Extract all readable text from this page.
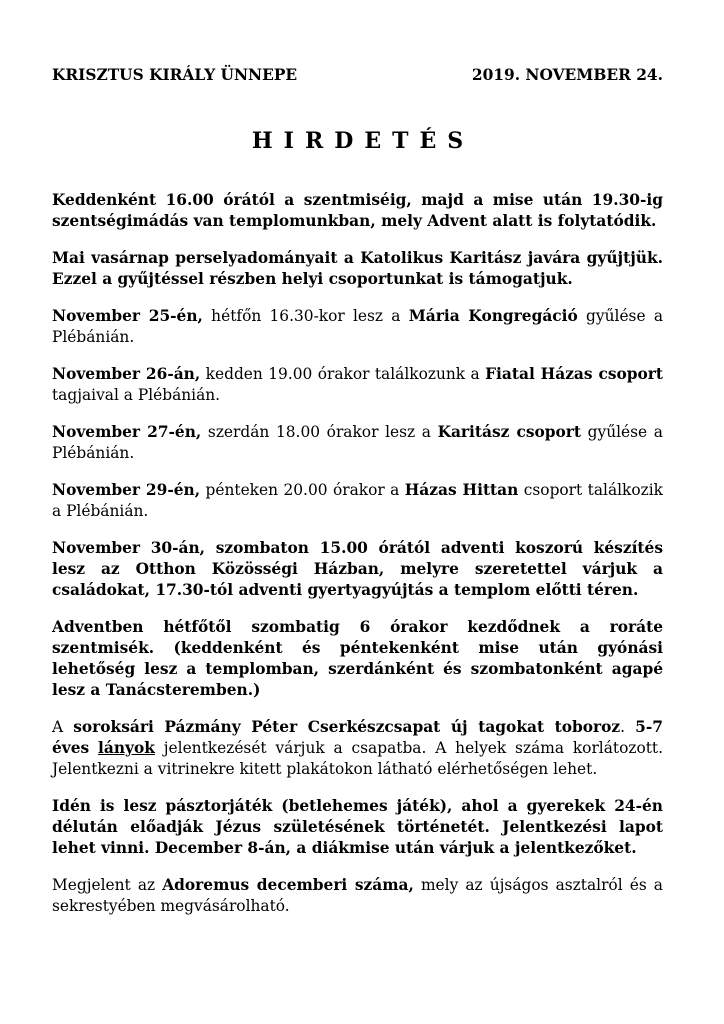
KRISZTUS KIRÁLY ÜNNEPE	2019. NOVEMBER 24.
HIRDETÉS

Keddenként 16.00 órától a szentmiséig, majd a mise után 19.30-ig szentségimádás van templomunkban, mely Advent alatt is folytatódik.

Mai vasárnap perselyadományait a Katolikus Karitász javára gyűjtjük. Ezzel a gyűjtéssel részben helyi csoportunkat is támogatjuk.

November 25-én, hétfőn 16.30-kor lesz a Mária Kongregáció gyűlése a Plébánián.

November 26-án, kedden 19.00 órakor találkozunk a Fiatal Házas csoport tagjaival a Plébánián.

November 27-én, szerdán 18.00 órakor lesz a Karitász csoport gyűlése a Plébánián.

November 29-én, pénteken 20.00 órakor a Házas Hittan csoport találkozik a Plébánián.

November 30-án, szombaton 15.00 órától adventi koszorú készítés lesz az Otthon Közösségi Házban, melyre szeretettel várjuk a családokat, 17.30-tól adventi gyertyagyújtás a templom előtti téren.

Adventben hétfőtől szombatig 6 órakor kezdődnek a roráte szentmisék. (keddenként és péntekenként mise után gyónási lehetőség lesz a templomban, szerdánként és szombatonként agapé lesz a Tanácsteremben.)

A soroksári Pázmány Péter Cserkészcsapat új tagokat toboroz. 5-7 éves lányok jelentkezését várjuk a csapatba. A helyek száma korlátozott. Jelentkezni a vitrinekre kitett plakátokon látható elérhetőségen lehet.

Idén is lesz pásztorjáték (betlehemes játék), ahol a gyerekek 24-én délután előadják Jézus születésének történetét. Jelentkezési lapot lehet vinni. December 8-án, a diákmise után várjuk a jelentkezőket.

Megjelent az Adoremus decemberi száma, mely az újságos asztalról és a sekrestyében megvásárolható.
